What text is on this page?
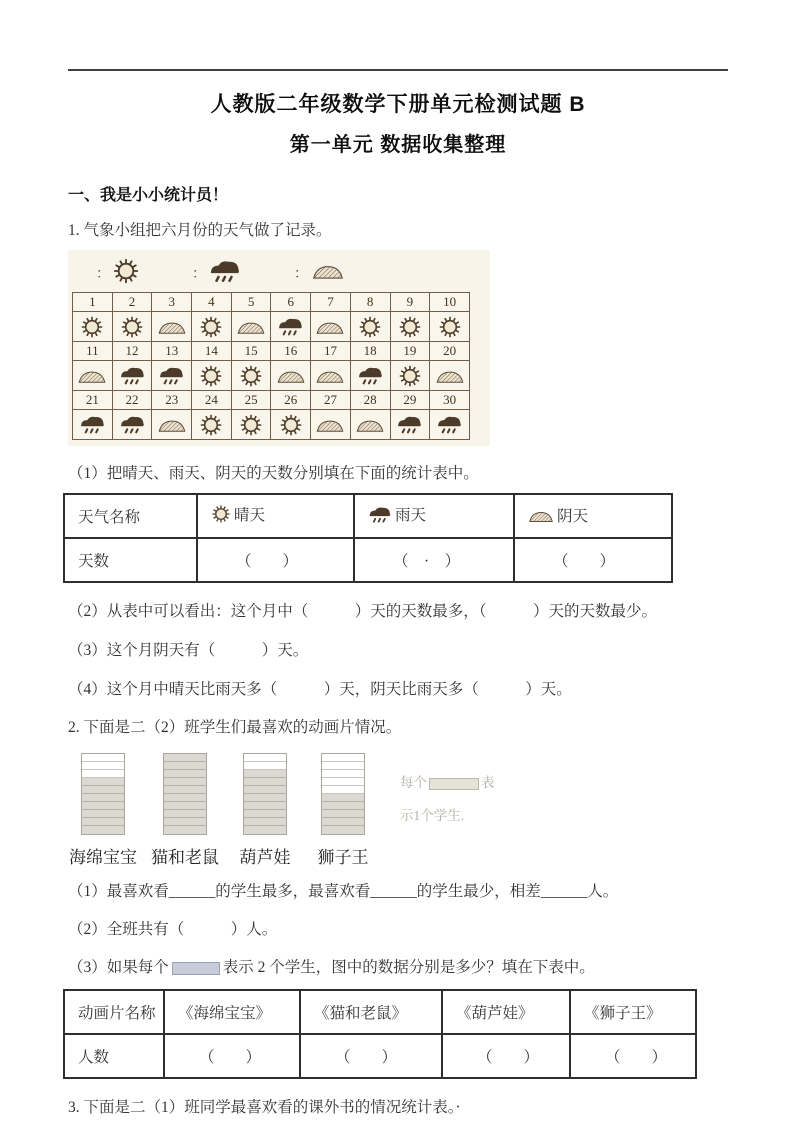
人教版二年级数学下册单元检测试题 B
第一单元 数据收集整理
一、我是小小统计员！
1. 气象小组把六月份的天气做了记录。
：	：	：
1	2	3	4	5	6	7	8	9	10

11	12	13	14	15	16	17	18	19	20

21	22	23	24	25	26	27	28	29	30

（1）把晴天、雨天、阴天的天数分别填在下面的统计表中。
天气名称	晴天	雨天	阴天
天数	（　　）	（　·　）	（　　）
（2）从表中可以看出：这个月中（　　　）天的天数最多，（　　　）天的天数最少。
（3）这个月阴天有（　　　）天。
（4）这个月中晴天比雨天多（　　　）天，阴天比雨天多（　　　）天。
2. 下面是二（2）班学生们最喜欢的动画片情况。
海绵宝宝 猫和老鼠 葫芦娃 狮子王
每个	表
示1个学生.
（1）最喜欢看______的学生最多，最喜欢看______的学生最少，相差______人。
（2）全班共有（　　　）人。
（3）如果每个	表示 2 个学生，图中的数据分别是多少？填在下表中。
动画片名称	《海绵宝宝》	《猫和老鼠》	《葫芦娃》	《狮子王》
人数	（　　）	（　　）	（　　）	（　　）
3. 下面是二（1）班同学最喜欢看的课外书的情况统计表。·
